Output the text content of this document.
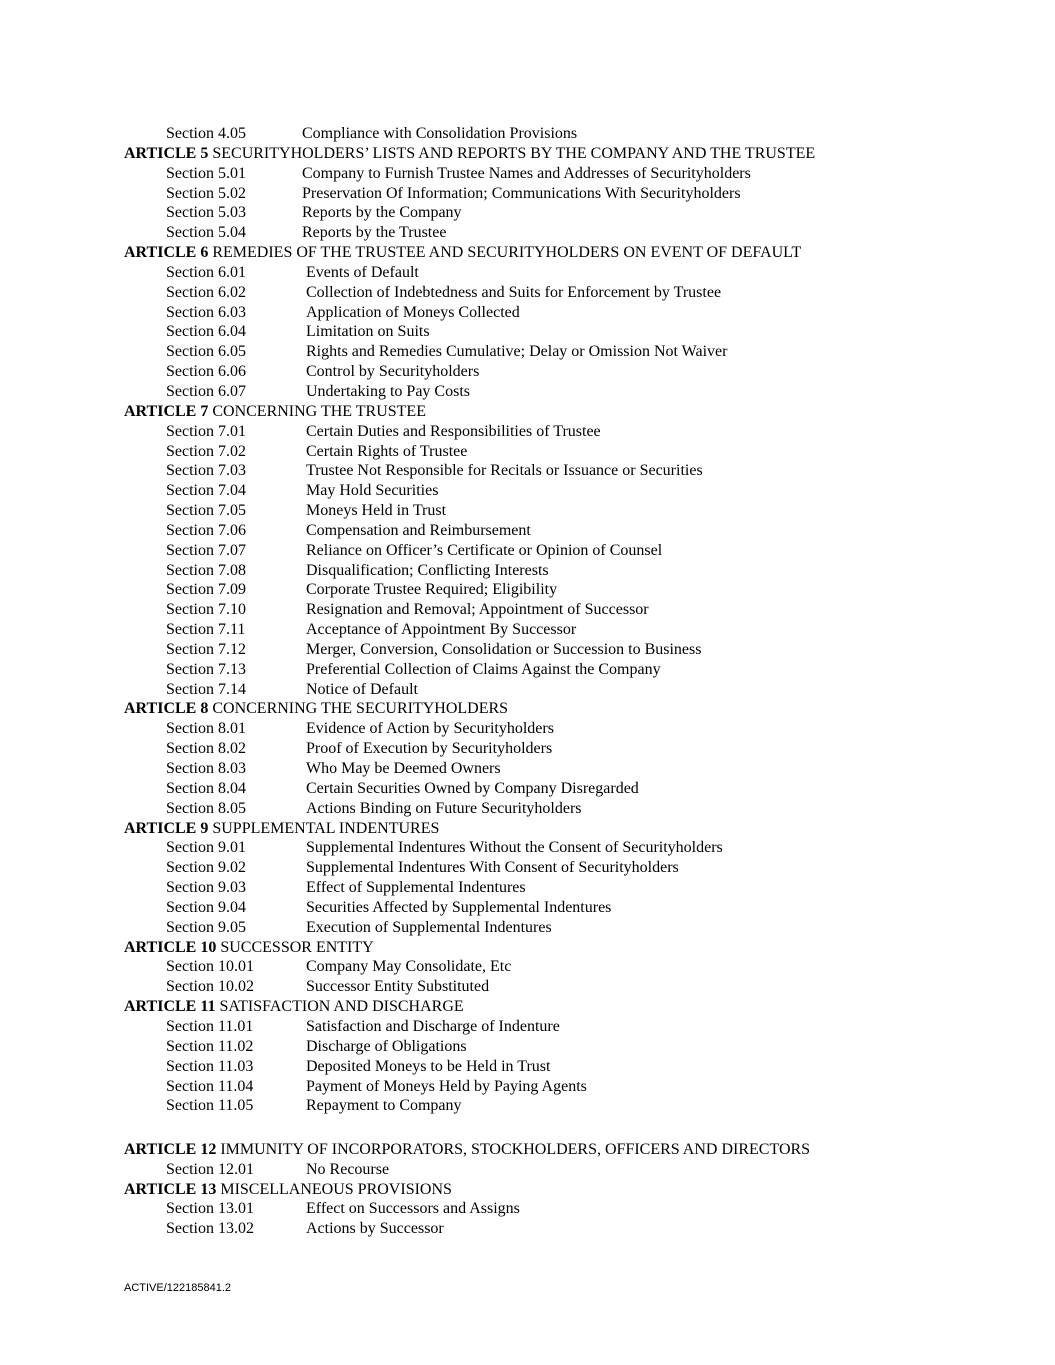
Section 4.05	Compliance with Consolidation Provisions
ARTICLE 5 SECURITYHOLDERS’ LISTS AND REPORTS BY THE COMPANY AND THE TRUSTEE
Section 5.01	Company to Furnish Trustee Names and Addresses of Securityholders
Section 5.02	Preservation Of Information; Communications With Securityholders
Section 5.03	Reports by the Company
Section 5.04	Reports by the Trustee
ARTICLE 6 REMEDIES OF THE TRUSTEE AND SECURITYHOLDERS ON EVENT OF DEFAULT
Section 6.01	Events of Default
Section 6.02	Collection of Indebtedness and Suits for Enforcement by Trustee
Section 6.03	Application of Moneys Collected
Section 6.04	Limitation on Suits
Section 6.05	Rights and Remedies Cumulative; Delay or Omission Not Waiver
Section 6.06	Control by Securityholders
Section 6.07	Undertaking to Pay Costs
ARTICLE 7 CONCERNING THE TRUSTEE
Section 7.01	Certain Duties and Responsibilities of Trustee
Section 7.02	Certain Rights of Trustee
Section 7.03	Trustee Not Responsible for Recitals or Issuance or Securities
Section 7.04	May Hold Securities
Section 7.05	Moneys Held in Trust
Section 7.06	Compensation and Reimbursement
Section 7.07	Reliance on Officer’s Certificate or Opinion of Counsel
Section 7.08	Disqualification; Conflicting Interests
Section 7.09	Corporate Trustee Required; Eligibility
Section 7.10	Resignation and Removal; Appointment of Successor
Section 7.11	Acceptance of Appointment By Successor
Section 7.12	Merger, Conversion, Consolidation or Succession to Business
Section 7.13	Preferential Collection of Claims Against the Company
Section 7.14	Notice of Default
ARTICLE 8 CONCERNING THE SECURITYHOLDERS
Section 8.01	Evidence of Action by Securityholders
Section 8.02	Proof of Execution by Securityholders
Section 8.03	Who May be Deemed Owners
Section 8.04	Certain Securities Owned by Company Disregarded
Section 8.05	Actions Binding on Future Securityholders
ARTICLE 9 SUPPLEMENTAL INDENTURES
Section 9.01	Supplemental Indentures Without the Consent of Securityholders
Section 9.02	Supplemental Indentures With Consent of Securityholders
Section 9.03	Effect of Supplemental Indentures
Section 9.04	Securities Affected by Supplemental Indentures
Section 9.05	Execution of Supplemental Indentures
ARTICLE 10 SUCCESSOR ENTITY
Section 10.01	Company May Consolidate, Etc
Section 10.02	Successor Entity Substituted
ARTICLE 11 SATISFACTION AND DISCHARGE
Section 11.01	Satisfaction and Discharge of Indenture
Section 11.02	Discharge of Obligations
Section 11.03	Deposited Moneys to be Held in Trust
Section 11.04	Payment of Moneys Held by Paying Agents
Section 11.05	Repayment to Company
ARTICLE 12 IMMUNITY OF INCORPORATORS, STOCKHOLDERS, OFFICERS AND DIRECTORS
Section 12.01	No Recourse
ARTICLE 13 MISCELLANEOUS PROVISIONS
Section 13.01	Effect on Successors and Assigns
Section 13.02	Actions by Successor
ACTIVE/122185841.2
